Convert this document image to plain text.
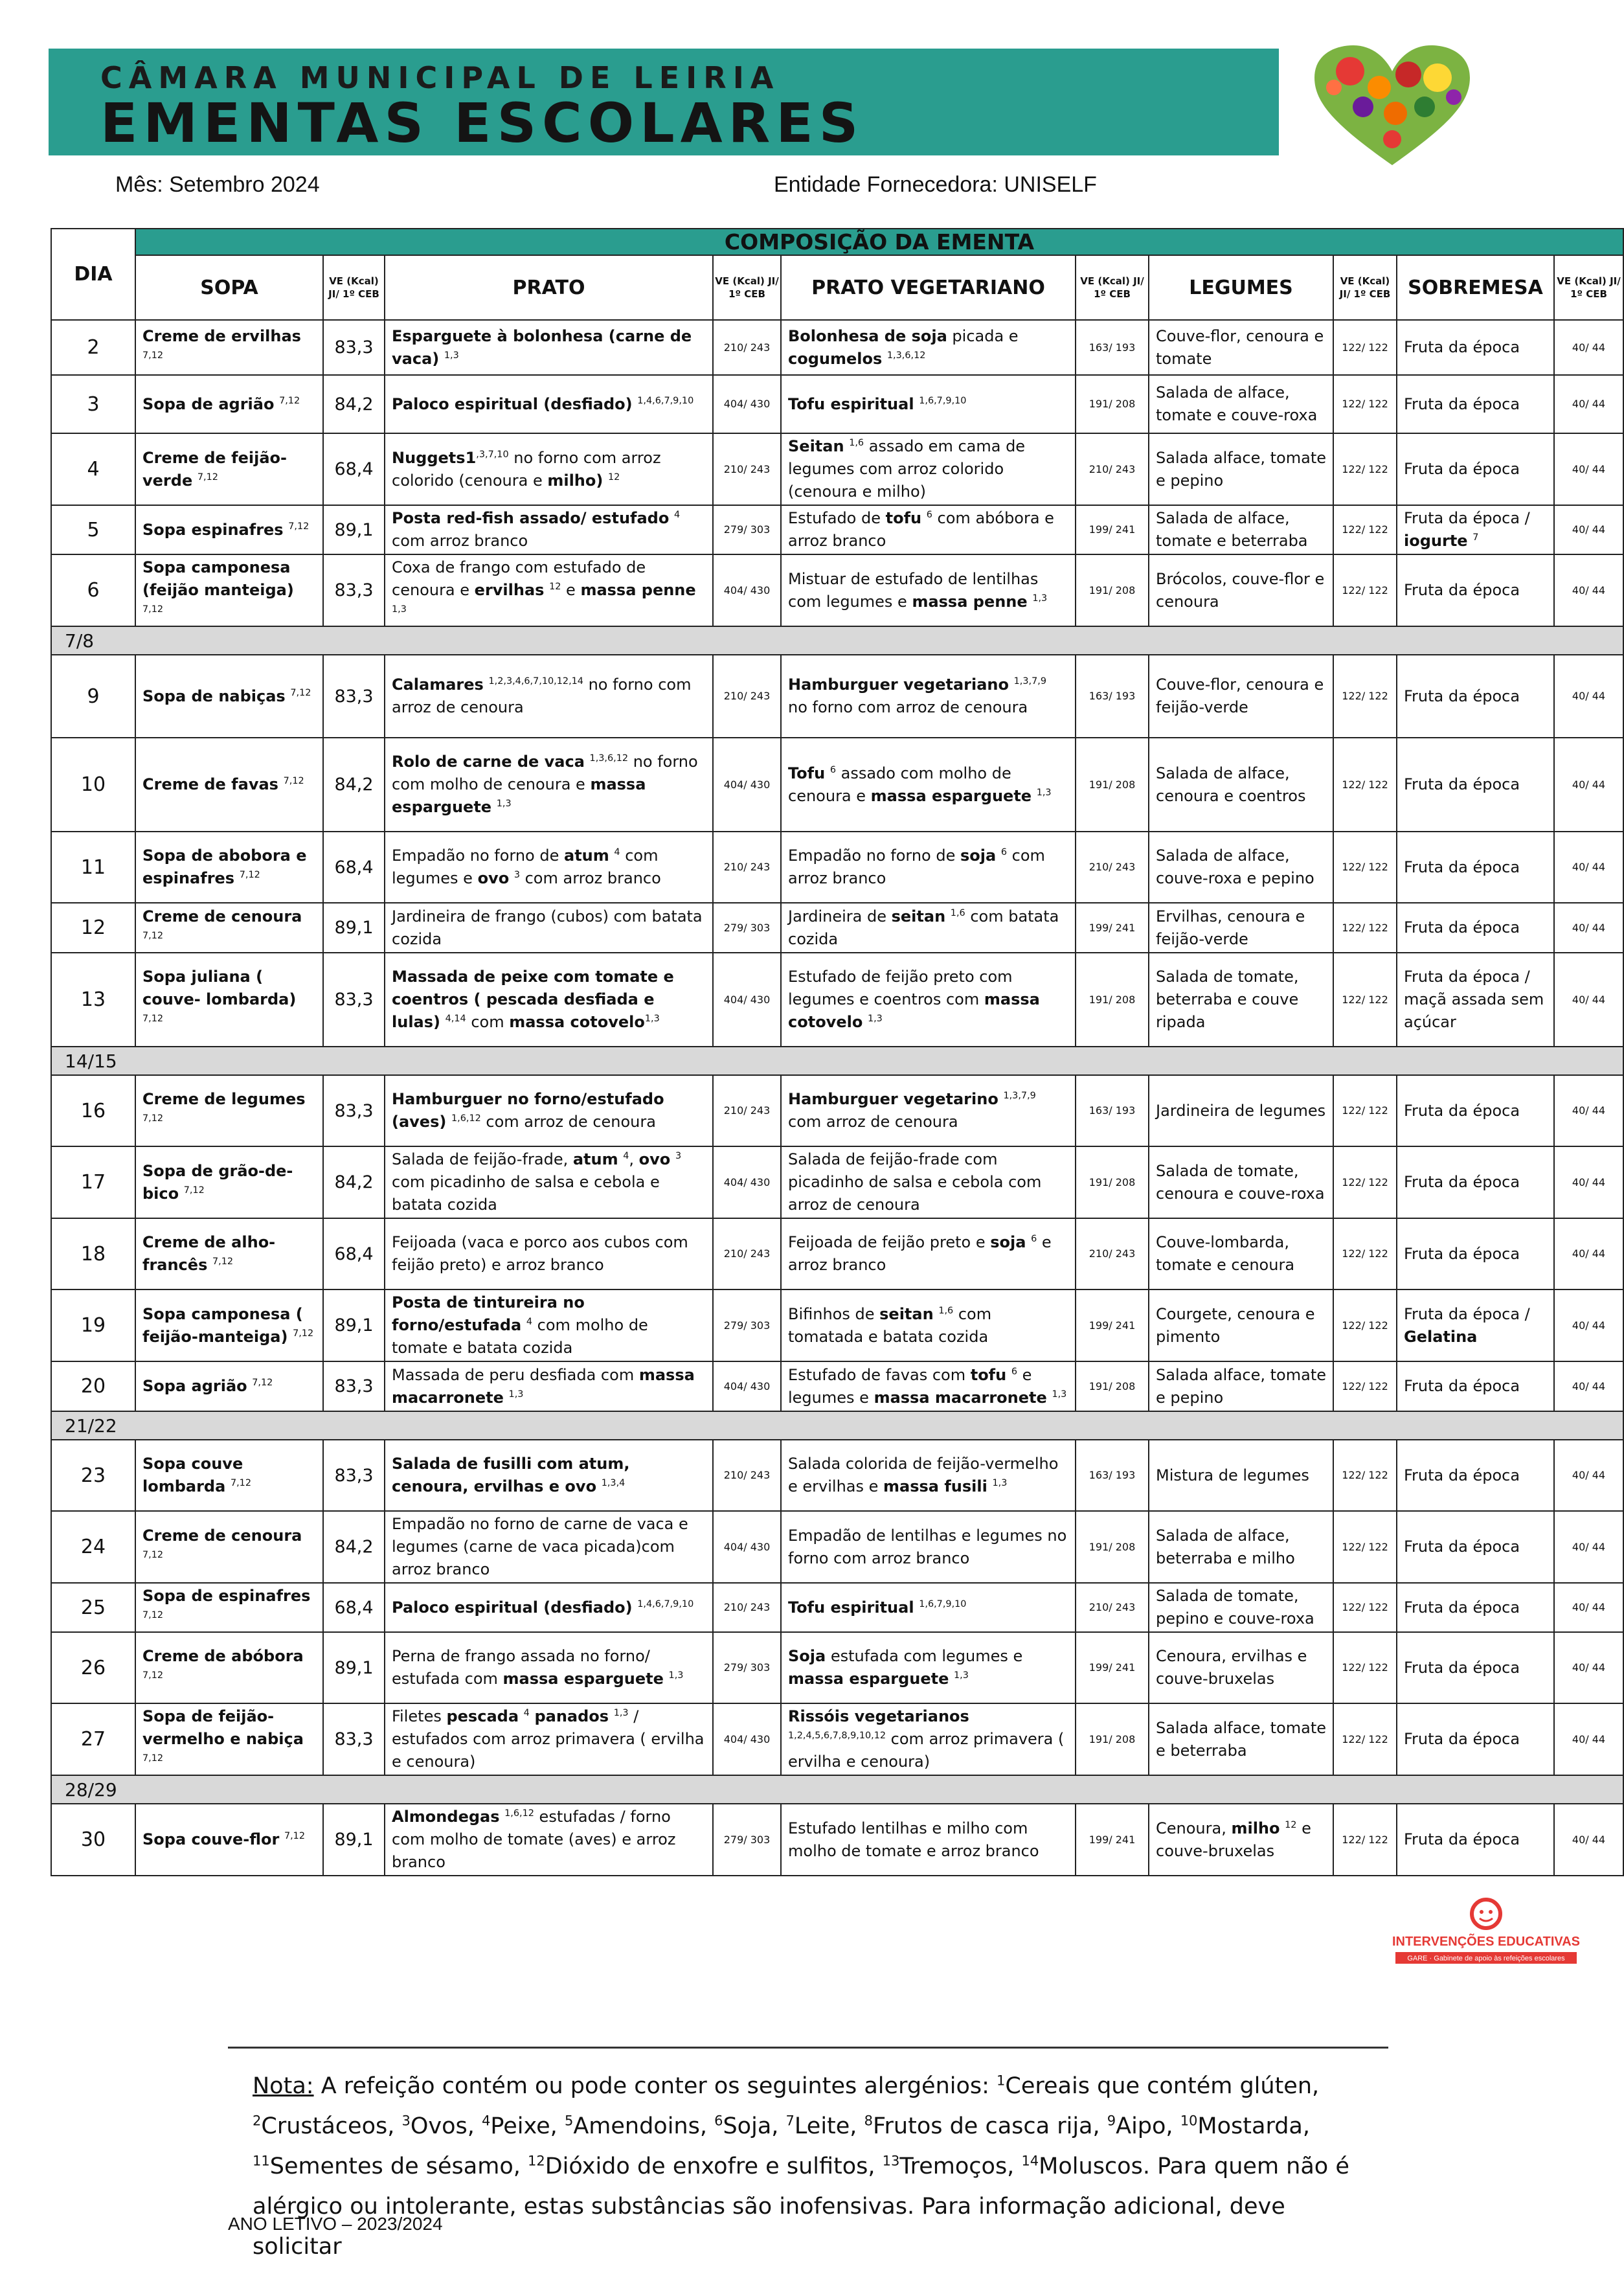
CÂMARA MUNICIPAL DE LEIRIA
EMENTAS ESCOLARES
Mês: Setembro 2024	Entidade Fornecedora: UNISELF
DIA	COMPOSIÇÃO DA EMENTA									
	SOPA	VE (Kcal) JI/ 1º CEB	PRATO	VE (Kcal) JI/ 1º CEB	PRATO VEGETARIANO	VE (Kcal) JI/ 1º CEB	LEGUMES	VE (Kcal) JI/ 1º CEB	SOBREMESA	VE (Kcal) JI/ 1º CEB
2	Creme de ervilhas $^{7,12}$	83,3	Esparguete à bolonhesa (carne de vaca) $^{1,3}$	210/ 243	Bolonhesa de soja picada e cogumelos $^{1,3,6,12}$	163/ 193	Couve-flor, cenoura e tomate	122/ 122	Fruta da época	40/ 44
3	Sopa de agrião $^{7,12}$	84,2	Paloco espiritual (desfiado) $^{1,4,6,7,9,10}$	404/ 430	Tofu espiritual $^{1,6,7,9,10}$	191/ 208	Salada de alface, tomate e couve-roxa	122/ 122	Fruta da época	40/ 44
4	Creme de feijão-verde $^{7,12}$	68,4	$Nuggets1^{,3,7,10}$ no forno com arroz colorido (cenoura e milho) $^{12}$	210/ 243	Seitan $^{1,6}$ assado em cama de legumes com arroz colorido (cenoura e milho)	210/ 243	Salada alface, tomate e pepino	122/ 122	Fruta da época	40/ 44
5	Sopa espinafres $^{7,12}$	89,1	Posta red-fish assado/ estufado $^4$ com arroz branco	279/ 303	Estufado de tofu $^6$ com abóbora e arroz branco	199/ 241	Salada de alface, tomate e beterraba	122/ 122	Fruta da época / iogurte $^7$	40/ 44
6	Sopa camponesa (feijão manteiga) $^{7,12}$	83,3	Coxa de frango com estufado de cenoura e ervilhas $^{12}$ e massa penne $^{1,3}$	404/ 430	Mistuar de estufado de lentilhas com legumes e massa penne $^{1,3}$	191/ 208	Brócolos, couve-flor e cenoura	122/ 122	Fruta da época	40/ 44
7/8										
9	Sopa de nabiças $^{7,12}$	83,3	Calamares $^{1,2,3,4,6,7,10,12,14}$ no forno com arroz de cenoura	210/ 243	Hamburguer vegetariano $^{1,3,7,9}$ no forno com arroz de cenoura	163/ 193	Couve-flor, cenoura e feijão-verde	122/ 122	Fruta da época	40/ 44
10	Creme de favas $^{7,12}$	84,2	Rolo de carne de vaca $^{1,3,6,12}$ no forno com molho de cenoura e massa esparguete $^{1,3}$	404/ 430	Tofu $^6$ assado com molho de cenoura e massa esparguete $^{1,3}$	191/ 208	Salada de alface, cenoura e coentros	122/ 122	Fruta da época	40/ 44
11	Sopa de abobora e espinafres $^{7,12}$	68,4	Empadão no forno de atum $^4$ com legumes e ovo $^3$ com arroz branco	210/ 243	Empadão no forno de soja $^6$ com arroz branco	210/ 243	Salada de alface, couve-roxa e pepino	122/ 122	Fruta da época	40/ 44
12	Creme de cenoura $^{7,12}$	89,1	Jardineira de frango (cubos) com batata cozida	279/ 303	Jardineira de seitan $^{1,6}$ com batata cozida	199/ 241	Ervilhas, cenoura e feijão-verde	122/ 122	Fruta da época	40/ 44
13	Sopa juliana ( couve- lombarda) $^{7,12}$	83,3	Massada de peixe com tomate e coentros ( pescada desfiada e lulas) $^{4,14}$ com massa cotovelo$^{1,3}$	404/ 430	Estufado de feijão preto com legumes e coentros com massa cotovelo $^{1,3}$	191/ 208	Salada de tomate, beterraba e couve ripada	122/ 122	Fruta da época / maçã assada sem açúcar	40/ 44
14/15										
16	Creme de legumes $^{7,12}$	83,3	Hamburguer no forno/estufado (aves) $^{1,6,12}$ com arroz de cenoura	210/ 243	Hamburguer vegetarino $^{1,3,7,9}$ com arroz de cenoura	163/ 193	Jardineira de legumes	122/ 122	Fruta da época	40/ 44
17	Sopa de grão-de-bico $^{7,12}$	84,2	Salada de feijão-frade, atum $^4$, ovo $^3$ com picadinho de salsa e cebola e batata cozida	404/ 430	Salada de feijão-frade com picadinho de salsa e cebola com arroz de cenoura	191/ 208	Salada de tomate, cenoura e couve-roxa	122/ 122	Fruta da época	40/ 44
18	Creme de alho-francês $^{7,12}$	68,4	Feijoada (vaca e porco aos cubos com feijão preto) e arroz branco	210/ 243	Feijoada de feijão preto e soja $^6$ e arroz branco	210/ 243	Couve-lombarda, tomate e cenoura	122/ 122	Fruta da época	40/ 44
19	Sopa camponesa ( feijão-manteiga) $^{7,12}$	89,1	Posta de tintureira no forno/estufada $^4$ com molho de tomate e batata cozida	279/ 303	Bifinhos de seitan $^{1,6}$ com tomatada e batata cozida	199/ 241	Courgete, cenoura e pimento	122/ 122	Fruta da época / Gelatina	40/ 44
20	Sopa agrião $^{7,12}$	83,3	Massada de peru desfiada com massa macarronete $^{1,3}$	404/ 430	Estufado de favas com tofu $^6$ e legumes e massa macarronete $^{1,3}$	191/ 208	Salada alface, tomate e pepino	122/ 122	Fruta da época	40/ 44
21/22										
23	Sopa couve lombarda $^{7,12}$	83,3	Salada de fusilli com atum, cenoura, ervilhas e ovo $^{1,3,4}$	210/ 243	Salada colorida de feijão-vermelho e ervilhas e massa fusili $^{1,3}$	163/ 193	Mistura de legumes	122/ 122	Fruta da época	40/ 44
24	Creme de cenoura $^{7,12}$	84,2	Empadão no forno de carne de vaca e legumes (carne de vaca picada)com arroz branco	404/ 430	Empadão de lentilhas e legumes no forno com arroz branco	191/ 208	Salada de alface, beterraba e milho	122/ 122	Fruta da época	40/ 44
25	Sopa de espinafres $^{7,12}$	68,4	Paloco espiritual (desfiado) $^{1,4,6,7,9,10}$	210/ 243	Tofu espiritual $^{1,6,7,9,10}$	210/ 243	Salada de tomate, pepino e couve-roxa	122/ 122	Fruta da época	40/ 44
26	Creme de abóbora $^{7,12}$	89,1	Perna de frango assada no forno/ estufada com massa esparguete $^{1,3}$	279/ 303	Soja estufada com legumes e massa esparguete $^{1,3}$	199/ 241	Cenoura, ervilhas e couve-bruxelas	122/ 122	Fruta da época	40/ 44
27	Sopa de feijão-vermelho e nabiça $^{7,12}$	83,3	Filetes pescada $^4$ panados $^{1,3}$ / estufados com arroz primavera ( ervilha e cenoura)	404/ 430	Rissóis vegetarianos $^{1,2,4,5,6,7,8,9,10,12}$ com arroz primavera ( ervilha e cenoura)	191/ 208	Salada alface, tomate e beterraba	122/ 122	Fruta da época	40/ 44
28/29										
30	Sopa couve-flor $^{7,12}$	89,1	Almondegas $^{1,6,12}$ estufadas / forno com molho de tomate (aves) e arroz branco	279/ 303	Estufado lentilhas e milho com molho de tomate e arroz branco	199/ 241	Cenoura, milho $^{12}$ e couve-bruxelas	122/ 122	Fruta da época	40/ 44
INTERVENÇÕES EDUCATIVAS
GARE · Gabinete de apoio às refeições escolares
Nota: A refeição contém ou pode conter os seguintes alergénios: $^1$Cereais que contém glúten, $^2$Crustáceos, $^3$Ovos, $^4$Peixe, $^5$Amendoins, $^6$Soja, $^7$Leite, $^8$Frutos de casca rija, $^9$Aipo, $^{10}$Mostarda, $^{11}$Sementes de sésamo, $^{12}$Dióxido de enxofre e sulfitos, $^{13}$Tremoços, $^{14}$Moluscos. Para quem não é alérgico ou intolerante, estas substâncias são inofensivas. Para informação adicional, deve solicitar
ANO LETIVO – 2023/2024
